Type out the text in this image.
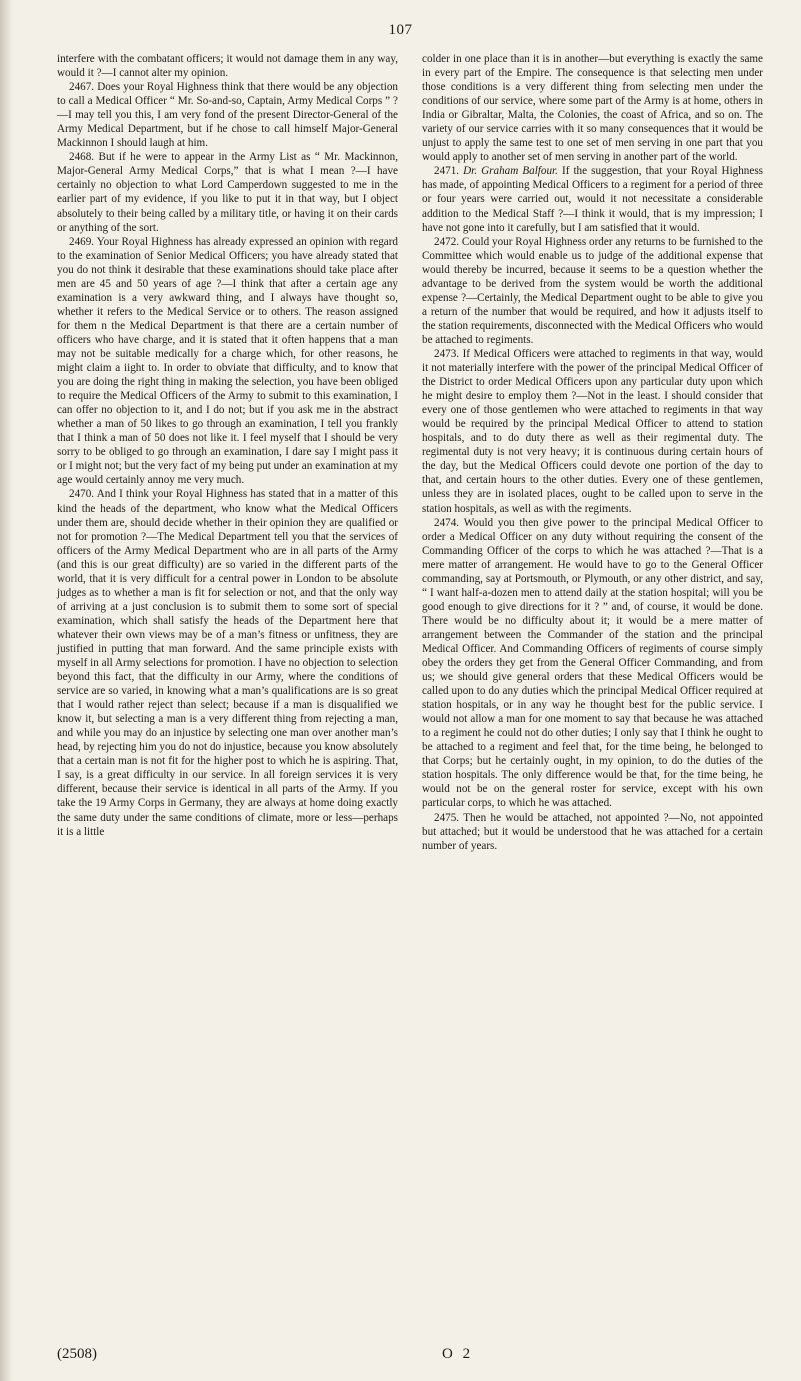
107

interfere with the combatant officers; it would not damage them in any way, would it ?—I cannot alter my opinion.

2467. Does your Royal Highness think that there would be any objection to call a Medical Officer “ Mr. So-and-so, Captain, Army Medical Corps ” ?—I may tell you this, I am very fond of the present Director-General of the Army Medical Department, but if he chose to call himself Major-General Mackinnon I should laugh at him.

2468. But if he were to appear in the Army List as “ Mr. Mackinnon, Major-General Army Medical Corps,” that is what I mean ?—I have certainly no objection to what Lord Camperdown suggested to me in the earlier part of my evidence, if you like to put it in that way, but I object absolutely to their being called by a military title, or having it on their cards or anything of the sort.

2469. Your Royal Highness has already expressed an opinion with regard to the examination of Senior Medical Officers; you have already stated that you do not think it desirable that these examinations should take place after men are 45 and 50 years of age ?—I think that after a certain age any examination is a very awkward thing, and I always have thought so, whether it refers to the Medical Service or to others. The reason assigned for them n the Medical Department is that there are a certain number of officers who have charge, and it is stated that it often happens that a man may not be suitable medically for a charge which, for other reasons, he might claim a iight to. In order to obviate that difficulty, and to know that you are doing the right thing in making the selection, you have been obliged to require the Medical Officers of the Army to submit to this examination, I can offer no objection to it, and I do not; but if you ask me in the abstract whether a man of 50 likes to go through an examination, I tell you frankly that I think a man of 50 does not like it. I feel myself that I should be very sorry to be obliged to go through an examination, I dare say I might pass it or I might not; but the very fact of my being put under an examination at my age would certainly annoy me very much.

2470. And I think your Royal Highness has stated that in a matter of this kind the heads of the department, who know what the Medical Officers under them are, should decide whether in their opinion they are qualified or not for promotion ?—The Medical Department tell you that the services of officers of the Army Medical Department who are in all parts of the Army (and this is our great difficulty) are so varied in the different parts of the world, that it is very difficult for a central power in London to be absolute judges as to whether a man is fit for selection or not, and that the only way of arriving at a just conclusion is to submit them to some sort of special examination, which shall satisfy the heads of the Department here that whatever their own views may be of a man’s fitness or unfitness, they are justified in putting that man forward. And the same principle exists with myself in all Army selections for promotion. I have no objection to selection beyond this fact, that the difficulty in our Army, where the conditions of service are so varied, in knowing what a man’s qualifications are is so great that I would rather reject than select; because if a man is disqualified we know it, but selecting a man is a very different thing from rejecting a man, and while you may do an injustice by selecting one man over another man’s head, by rejecting him you do not do injustice, because you know absolutely that a certain man is not fit for the higher post to which he is aspiring. That, I say, is a great difficulty in our service. In all foreign services it is very different, because their service is identical in all parts of the Army. If you take the 19 Army Corps in Germany, they are always at home doing exactly the same duty under the same conditions of climate, more or less—perhaps it is a little

colder in one place than it is in another—but everything is exactly the same in every part of the Empire. The consequence is that selecting men under those conditions is a very different thing from selecting men under the conditions of our service, where some part of the Army is at home, others in India or Gibraltar, Malta, the Colonies, the coast of Africa, and so on. The variety of our service carries with it so many consequences that it would be unjust to apply the same test to one set of men serving in one part that you would apply to another set of men serving in another part of the world.

2471. Dr. Graham Balfour. If the suggestion, that your Royal Highness has made, of appointing Medical Officers to a regiment for a period of three or four years were carried out, would it not necessitate a considerable addition to the Medical Staff ?—I think it would, that is my impression; I have not gone into it carefully, but I am satisfied that it would.

2472. Could your Royal Highness order any returns to be furnished to the Committee which would enable us to judge of the additional expense that would thereby be incurred, because it seems to be a question whether the advantage to be derived from the system would be worth the additional expense ?—Certainly, the Medical Department ought to be able to give you a return of the number that would be required, and how it adjusts itself to the station requirements, disconnected with the Medical Officers who would be attached to regiments.

2473. If Medical Officers were attached to regiments in that way, would it not materially interfere with the power of the principal Medical Officer of the District to order Medical Officers upon any particular duty upon which he might desire to employ them ?—Not in the least. I should consider that every one of those gentlemen who were attached to regiments in that way would be required by the principal Medical Officer to attend to station hospitals, and to do duty there as well as their regimental duty. The regimental duty is not very heavy; it is continuous during certain hours of the day, but the Medical Officers could devote one portion of the day to that, and certain hours to the other duties. Every one of these gentlemen, unless they are in isolated places, ought to be called upon to serve in the station hospitals, as well as with the regiments.

2474. Would you then give power to the principal Medical Officer to order a Medical Officer on any duty without requiring the consent of the Commanding Officer of the corps to which he was attached ?—That is a mere matter of arrangement. He would have to go to the General Officer commanding, say at Portsmouth, or Plymouth, or any other district, and say, “ I want half-a-dozen men to attend daily at the station hospital; will you be good enough to give directions for it ? ” and, of course, it would be done. There would be no difficulty about it; it would be a mere matter of arrangement between the Commander of the station and the principal Medical Officer. And Commanding Officers of regiments of course simply obey the orders they get from the General Officer Commanding, and from us; we should give general orders that these Medical Officers would be called upon to do any duties which the principal Medical Officer required at station hospitals, or in any way he thought best for the public service. I would not allow a man for one moment to say that because he was attached to a regiment he could not do other duties; I only say that I think he ought to be attached to a regiment and feel that, for the time being, he belonged to that Corps; but he certainly ought, in my opinion, to do the duties of the station hospitals. The only difference would be that, for the time being, he would not be on the general roster for service, except with his own particular corps, to which he was attached.

2475. Then he would be attached, not appointed ?—No, not appointed but attached; but it would be understood that he was attached for a certain number of years.

(2508)	O 2
